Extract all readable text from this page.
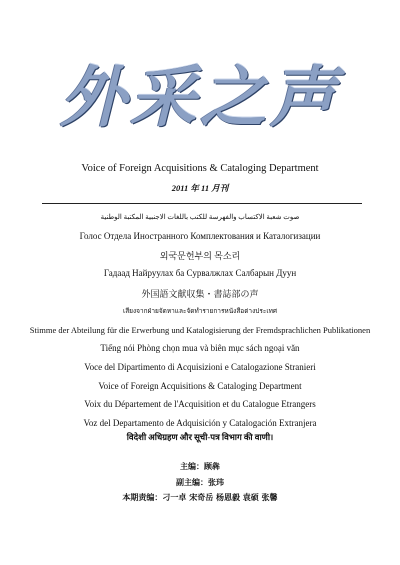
外采之声
Voice of Foreign Acquisitions & Cataloging Department
2011 年 11 月刊
صوت شعبة الاكتساب والفهرسة للكتب باللغات الاجنبية المكتبة الوطنية
Голос Отдела Иностранного Комплектования и Каталогизации
외국문헌부의 목소리
Гадаад Найруулах ба Сурвалжлах Салбарын Дуун
外国語文献収集・書誌部の声
เสียงจากฝ่ายจัดหาและจัดทำรายการหนังสือต่างประเทศ
Stimme der Abteilung für die Erwerbung und Katalogisierung der Fremdsprachlichen Publikationen
Tiếng nói Phòng chọn mua và biên mục sách ngoại văn
Voce del Dipartimento di Acquisizioni e Catalogazione Stranieri
Voice of Foreign Acquisitions & Cataloging Department
Voix du Département de l'Acquisition et du Catalogue Etrangers
Voz del Departamento de Adquisición y Catalogación Extranjera
विदेशी अधिग्रहण और सूची-पत्र विभाग की वाणी।
主编：顾犇
副主编：张玮
本期责编：刁一卓 宋奇岳 杨恩毅 袁硕 张馨
